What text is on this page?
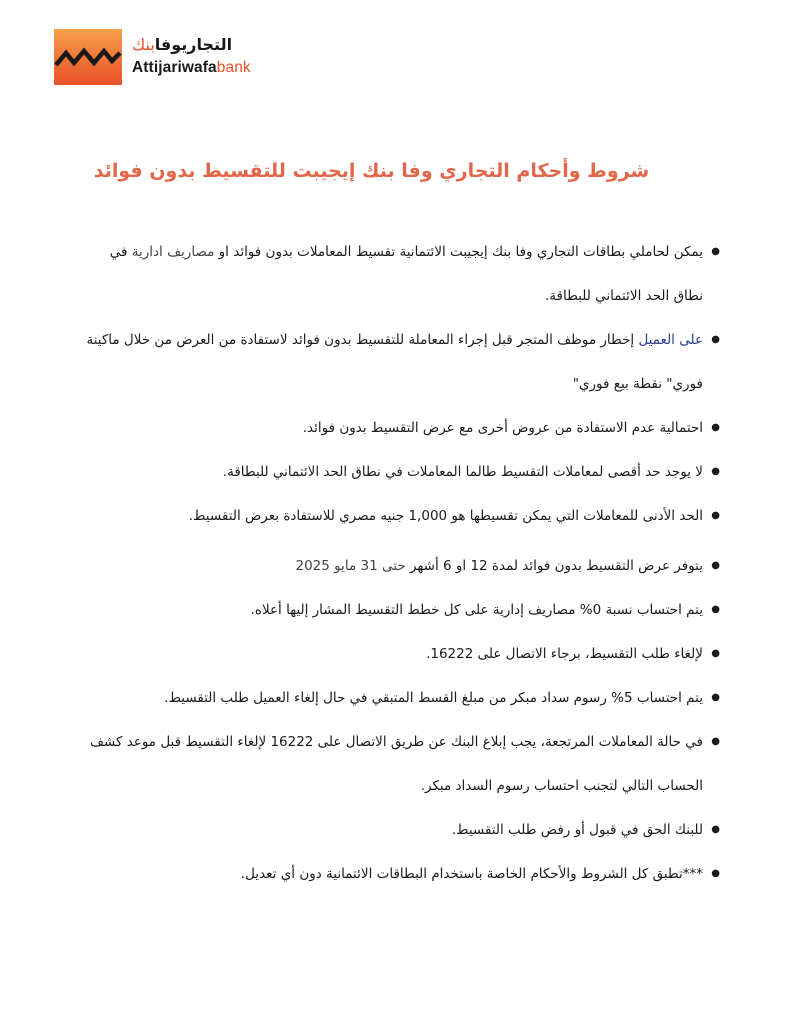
التجاريوفابنك
Attijariwafabank
شروط وأحكام التجاري وفا بنك إيجيبت للتقسيط بدون فوائد
●
يمكن لحاملي بطاقات التجاري وفا بنك إيجيبت الائتمانية تقسيط المعاملات بدون فوائد او مصاريف ادارية في نطاق الحد الائتماني للبطاقة.
●
على العميل إخطار موظف المتجر قبل إجراء المعاملة للتقسيط بدون فوائد لاستفادة من العرض من خلال ماكينة فوري" نقطة بيع فوري"
●
احتمالية عدم الاستفادة من عروض أخرى مع عرض التقسيط بدون فوائد.
●
لا يوجد حد أقصى لمعاملات التقسيط طالما المعاملات في نطاق الحد الائتماني للبطاقة.
●
الحد الأدنى للمعاملات التي يمكن تقسيطها هو 1,000 جنيه مصري للاستفادة بعرض التقسيط.
●
يتوفر عرض التقسيط بدون فوائد لمدة 12 او 6 أشهر حتى 31 مايو 2025
●
يتم احتساب نسبة 0% مصاريف إدارية على كل خطط التقسيط المشار إليها أعلاه.
●
لإلغاء طلب التقسيط، برجاء الاتصال على 16222.
●
يتم احتساب 5% رسوم سداد مبكر من مبلغ القسط المتبقي في حال إلغاء العميل طلب التقسيط.
●
في حالة المعاملات المرتجعة، يجب إبلاغ البنك عن طريق الاتصال على 16222 لإلغاء التقسيط قبل موعد كشف الحساب التالي لتجنب احتساب رسوم السداد مبكر.
●
للبنك الحق في قبول أو رفض طلب التقسيط.
●
***تطبق كل الشروط والأحكام الخاصة باستخدام البطاقات الائتمانية دون أي تعديل.
